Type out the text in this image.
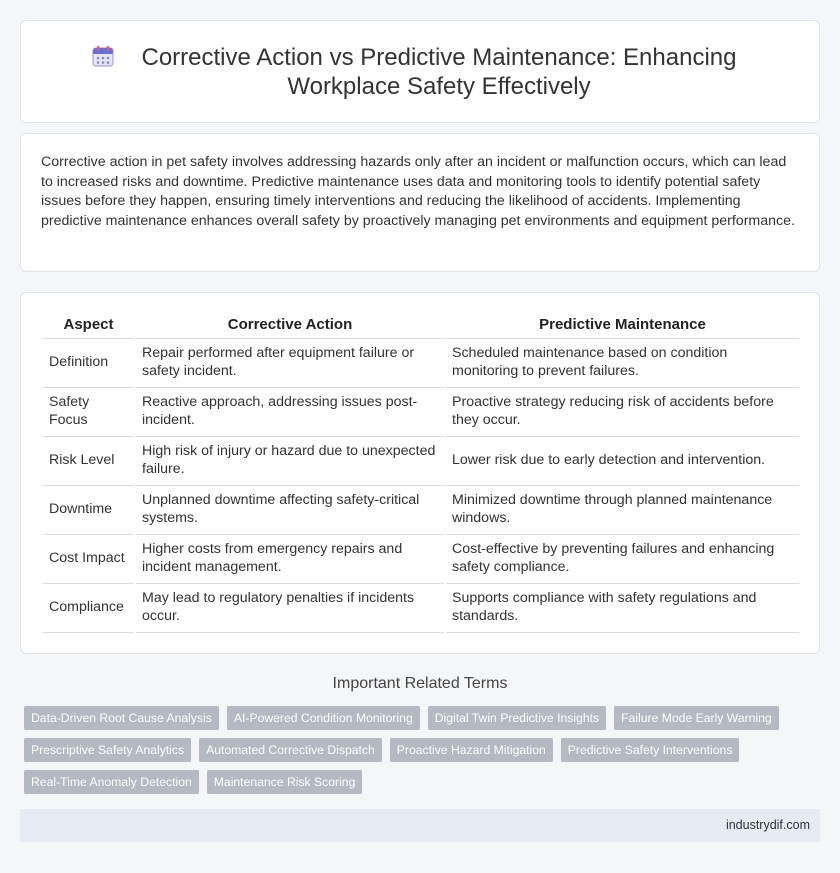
Corrective Action vs Predictive Maintenance: Enhancing Workplace Safety Effectively

Corrective action in pet safety involves addressing hazards only after an incident or malfunction occurs, which can lead to increased risks and downtime. Predictive maintenance uses data and monitoring tools to identify potential safety issues before they happen, ensuring timely interventions and reducing the likelihood of accidents. Implementing predictive maintenance enhances overall safety by proactively managing pet environments and equipment performance.

Aspect	Corrective Action	Predictive Maintenance
Definition	Repair performed after equipment failure or safety incident.	Scheduled maintenance based on condition monitoring to prevent failures.
Safety Focus	Reactive approach, addressing issues post-incident.	Proactive strategy reducing risk of accidents before they occur.
Risk Level	High risk of injury or hazard due to unexpected failure.	Lower risk due to early detection and intervention.
Downtime	Unplanned downtime affecting safety-critical systems.	Minimized downtime through planned maintenance windows.
Cost Impact	Higher costs from emergency repairs and incident management.	Cost-effective by preventing failures and enhancing safety compliance.
Compliance	May lead to regulatory penalties if incidents occur.	Supports compliance with safety regulations and standards.
Important Related Terms
Data-Driven Root Cause Analysis	AI-Powered Condition Monitoring	Digital Twin Predictive Insights	Failure Mode Early Warning
Prescriptive Safety Analytics	Automated Corrective Dispatch	Proactive Hazard Mitigation	Predictive Safety Interventions
Real-Time Anomaly Detection	Maintenance Risk Scoring
industrydif.com
